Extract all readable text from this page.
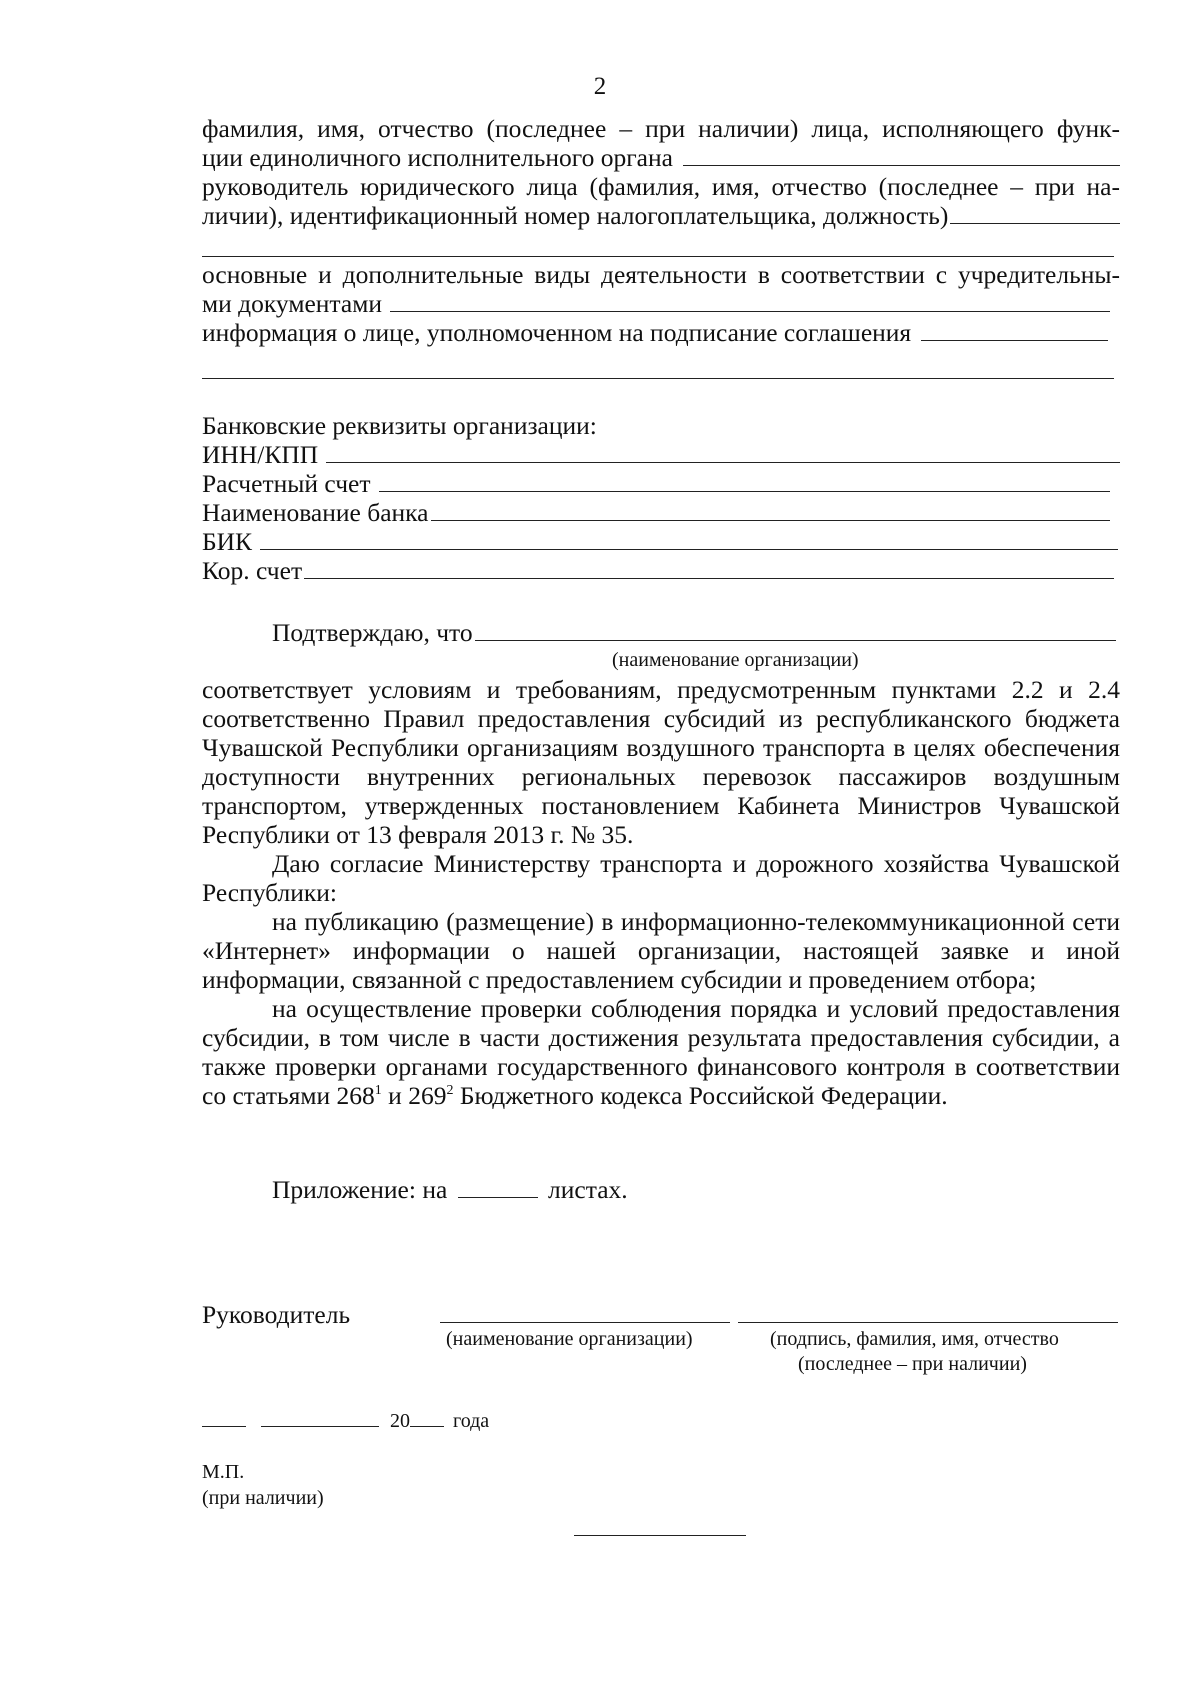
2
фамилия, имя, отчество (последнее – при наличии) лица, исполняющего функ-
ции единоличного исполнительного органа
руководитель юридического лица (фамилия, имя, отчество (последнее – при на-
личии), идентификационный номер налогоплательщика, должность)
основные и дополнительные виды деятельности в соответствии с учредительны-
ми документами
информация о лице, уполномоченном на подписание соглашения
Банковские реквизиты организации:
ИНН/КПП
Расчетный счет
Наименование банка
БИК
Кор. счет
Подтверждаю, что
(наименование организации)
соответствует условиям и требованиям, предусмотренным пунктами 2.2 и 2.4 соответственно Правил предоставления субсидий из республиканского бюджета Чувашской Республики организациям воздушного транспорта в целях обеспечения доступности внутренних региональных перевозок пассажиров воздушным транспортом, утвержденных постановлением Кабинета Министров Чувашской Республики от 13 февраля 2013 г. № 35.
Даю согласие Министерству транспорта и дорожного хозяйства Чувашской Республики:
на публикацию (размещение) в информационно-телекоммуникационной сети «Интернет» информации о нашей организации, настоящей заявке и иной информации, связанной с предоставлением субсидии и проведением отбора;
на осуществление проверки соблюдения порядка и условий предоставления субсидии, в том числе в части достижения результата предоставления субсидии, а также проверки органами государственного финансового контроля в соответствии со статьями $268^1$ и $269^2$ Бюджетного кодекса Российской Федерации.
Приложение: на	листах.
Руководитель
(наименование организации)	(подпись, фамилия, имя, отчество
(последнее – при наличии)
20 года
М.П.
(при наличии)
